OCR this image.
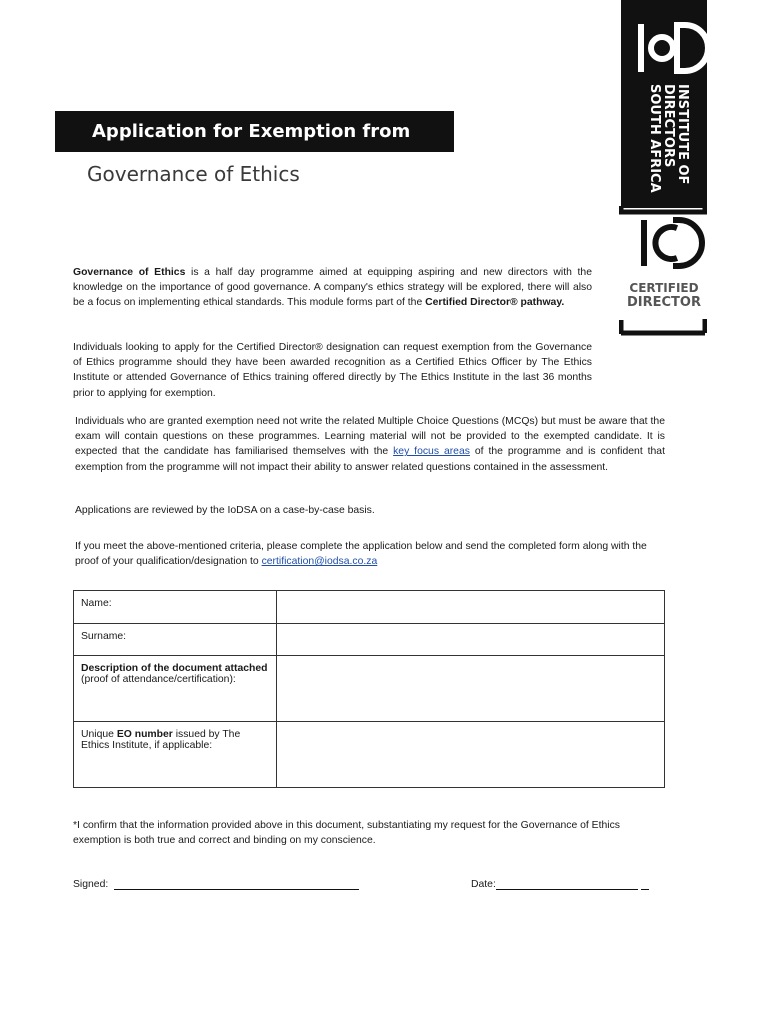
Application for Exemption from
Governance of Ethics	INSTITUTE OF
DIRECTORS
SOUTH AFRICA
CERTIFIED
DIRECTOR

Governance of Ethics is a half day programme aimed at equipping aspiring and new directors with the knowledge on the importance of good governance. A company's ethics strategy will be explored, there will also be a focus on implementing ethical standards. This module forms part of the Certified Director® pathway.

Individuals looking to apply for the Certified Director® designation can request exemption from the Governance of Ethics programme should they have been awarded recognition as a Certified Ethics Officer by The Ethics Institute or attended Governance of Ethics training offered directly by The Ethics Institute in the last 36 months prior to applying for exemption.

Individuals who are granted exemption need not write the related Multiple Choice Questions (MCQs) but must be aware that the exam will contain questions on these programmes. Learning material will not be provided to the exempted candidate. It is expected that the candidate has familiarised themselves with the key focus areas of the programme and is confident that exemption from the programme will not impact their ability to answer related questions contained in the assessment.

Applications are reviewed by the IoDSA on a case-by-case basis.

If you meet the above-mentioned criteria, please complete the application below and send the completed form along with the proof of your qualification/designation to certification@iodsa.co.za

Name:	
Surname:	
Description of the document attached (proof of attendance/certification):	
Unique EO number issued by The Ethics Institute, if applicable:	

*I confirm that the information provided above in this document, substantiating my request for the Governance of Ethics exemption is both true and correct and binding on my conscience.

Signed:	Date:
